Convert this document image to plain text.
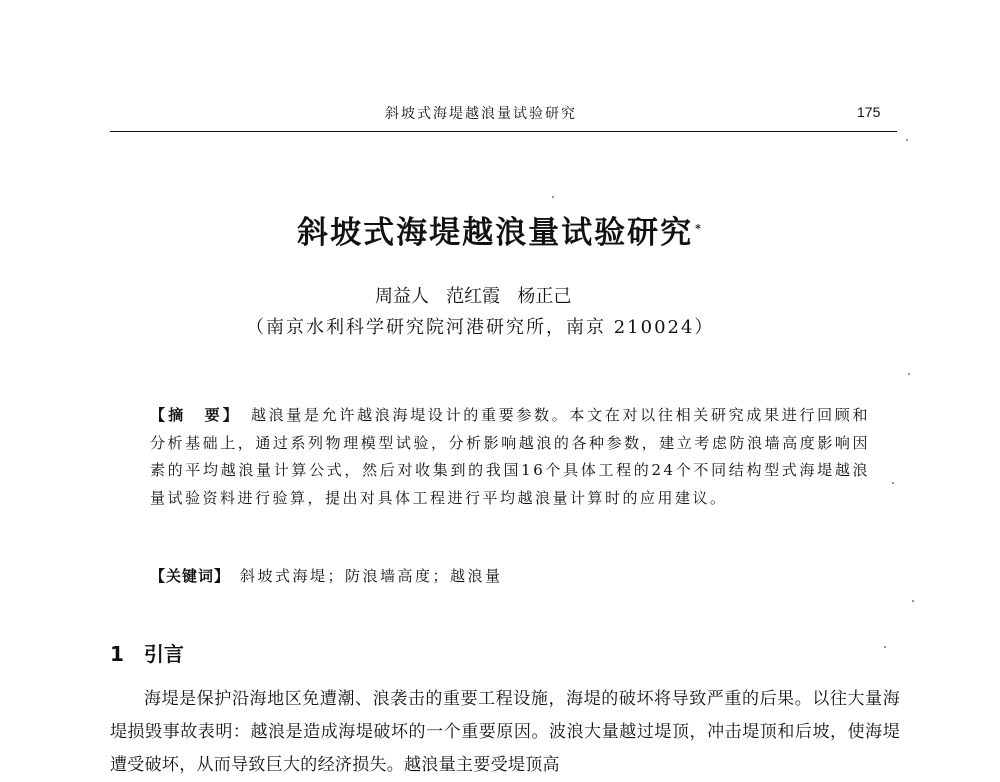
斜坡式海堤越浪量试验研究	175
斜坡式海堤越浪量试验研究 *
周益人   范红霞   杨正己
（南京水利科学研究院河港研究所，南京 210024）
【摘　要】 越浪量是允许越浪海堤设计的重要参数。本文在对以往相关研究成果进行回顾和分析基础上，通过系列物理模型试验，分析影响越浪的各种参数，建立考虑防浪墙高度影响因素的平均越浪量计算公式，然后对收集到的我国16个具体工程的24个不同结构型式海堤越浪量试验资料进行验算，提出对具体工程进行平均越浪量计算时的应用建议。
【关键词】 斜坡式海堤；防浪墙高度；越浪量
1 引言
海堤是保护沿海地区免遭潮、浪袭击的重要工程设施，海堤的破坏将导致严重的后果。以往大量海堤损毁事故表明：越浪是造成海堤破坏的一个重要原因。波浪大量越过堤顶，冲击堤顶和后坡，使海堤遭受破坏，从而导致巨大的经济损失。越浪量主要受堤顶高
